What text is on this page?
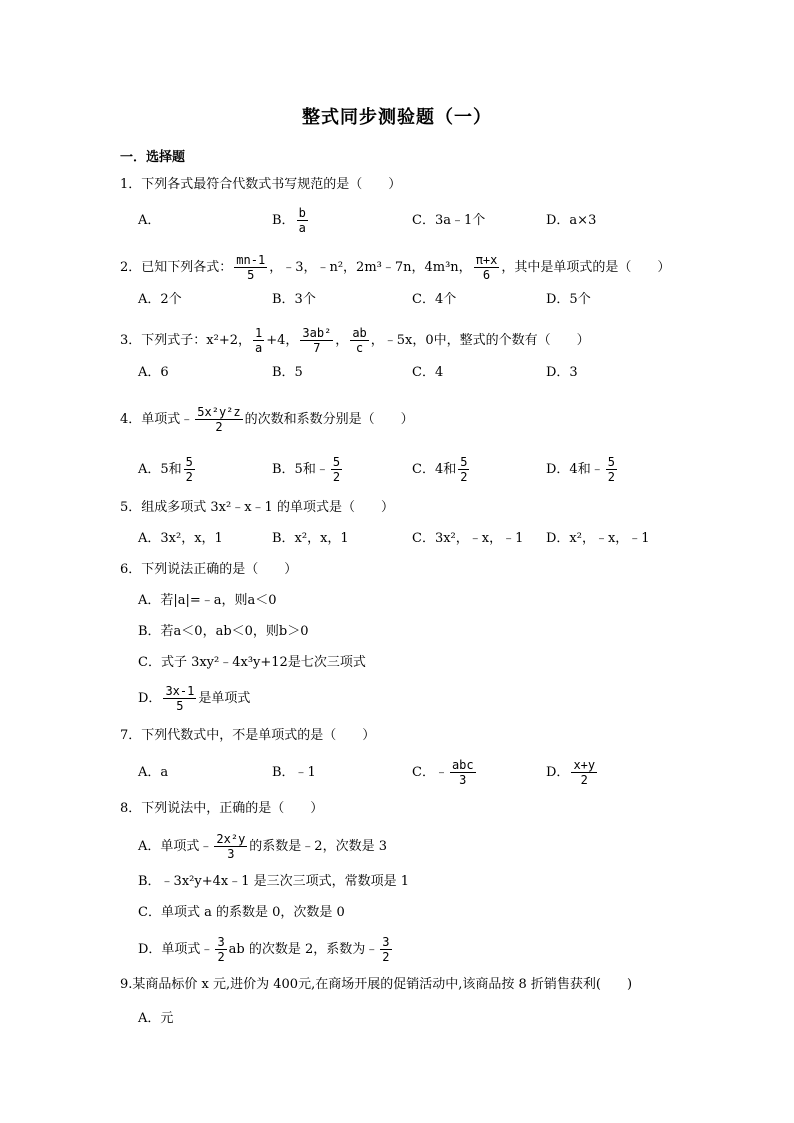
整式同步测验题（一）
一．选择题
1．下列各式最符合代数式书写规范的是（　　）
A．	B． $\frac{b}{a}$	C．3a﹣1个	D．a×3
2．已知下列各式： $\frac{mn-1}{5}$ ，﹣3，﹣n²，2m³﹣7n，4m³n， $\frac{\pi+x}{6}$ ，其中是单项式的是（　　）
A．2个	B．3个	C．4个	D．5个
3．下列式子：x²+2， $\frac{1}{a} +4$， $\frac{\text{3ab²}}{7}$ ， $\frac{ab}{c}$ ，﹣5x，0中，整式的个数有（　　）
A．6	B．5	C．4	D．3
4．单项式﹣ $\frac{\text{5x²y²z}}{2}$ 的次数和系数分别是（　　）
A．5和 $\frac{5}{2}$	B．5和﹣ $\frac{5}{2}$	C．4和 $\frac{5}{2}$	D．4和﹣ $\frac{5}{2}$
5．组成多项式 3x²﹣x﹣1 的单项式是（　　）
A．3x²，x，1	B．x²，x，1	C．3x²，﹣x，﹣1 D．x²，﹣x，﹣1
6．下列说法正确的是（　　）
A．若|a|=﹣a，则a＜0
B．若a＜0，ab＜0，则b＞0
C．式子 3xy²﹣4x³y+12是七次三项式
D． $\frac{3x-1}{5}$ 是单项式
7．下列代数式中，不是单项式的是（　　）
A．a	B．﹣1	C．﹣ $\frac{\text{abc}}{3}$	D． $\frac{x+y}{2}$
8．下列说法中，正确的是（　　）
A．单项式﹣ $\frac{\text{2x²y}}{3}$ 的系数是﹣2，次数是 3
B．﹣3x²y+4x﹣1 是三次三项式，常数项是 1
C．单项式 a 的系数是 0，次数是 0
D．单项式﹣ $\frac{3}{2}$ ab 的次数是 2，系数为﹣ $\frac{3}{2}$
9.某商品标价 x 元,进价为 400元,在商场开展的促销活动中,该商品按 8 折销售获利(　　)
A．元
